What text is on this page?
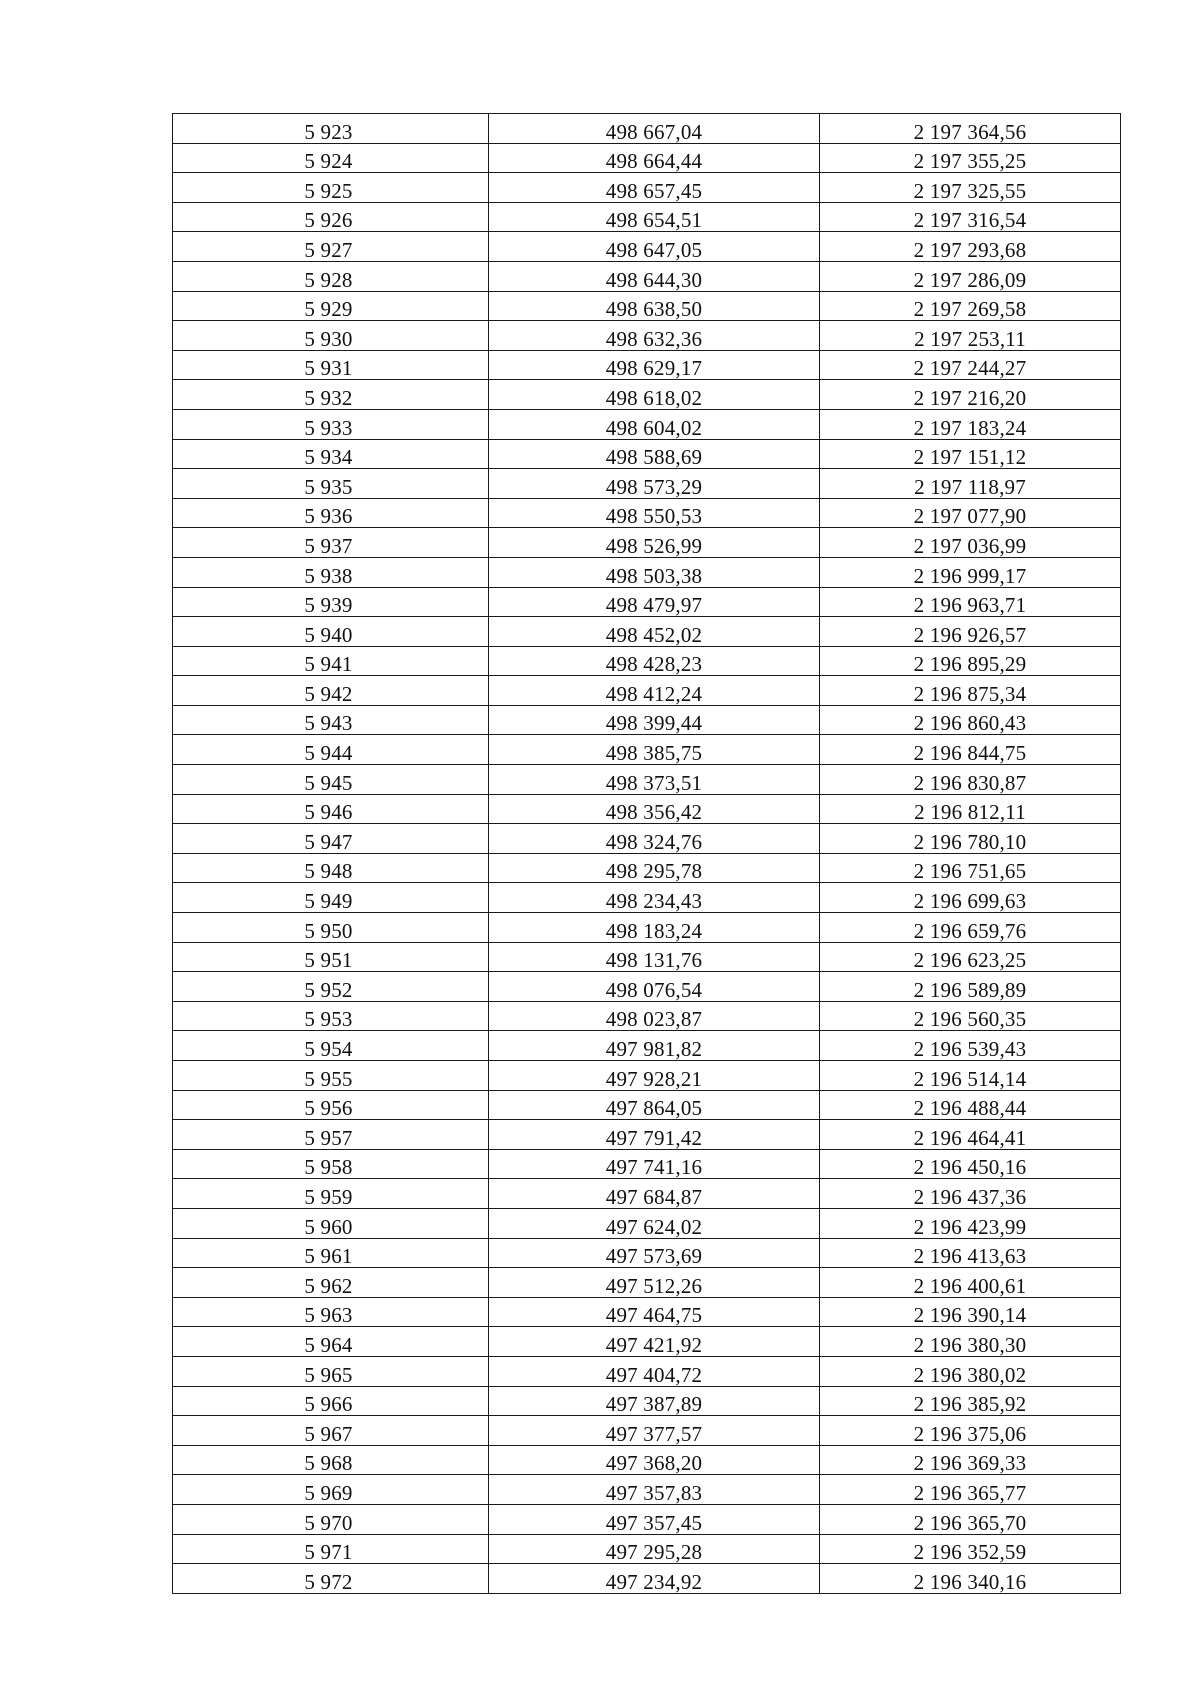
5 923	498 667,04	2 197 364,56
5 924	498 664,44	2 197 355,25
5 925	498 657,45	2 197 325,55
5 926	498 654,51	2 197 316,54
5 927	498 647,05	2 197 293,68
5 928	498 644,30	2 197 286,09
5 929	498 638,50	2 197 269,58
5 930	498 632,36	2 197 253,11
5 931	498 629,17	2 197 244,27
5 932	498 618,02	2 197 216,20
5 933	498 604,02	2 197 183,24
5 934	498 588,69	2 197 151,12
5 935	498 573,29	2 197 118,97
5 936	498 550,53	2 197 077,90
5 937	498 526,99	2 197 036,99
5 938	498 503,38	2 196 999,17
5 939	498 479,97	2 196 963,71
5 940	498 452,02	2 196 926,57
5 941	498 428,23	2 196 895,29
5 942	498 412,24	2 196 875,34
5 943	498 399,44	2 196 860,43
5 944	498 385,75	2 196 844,75
5 945	498 373,51	2 196 830,87
5 946	498 356,42	2 196 812,11
5 947	498 324,76	2 196 780,10
5 948	498 295,78	2 196 751,65
5 949	498 234,43	2 196 699,63
5 950	498 183,24	2 196 659,76
5 951	498 131,76	2 196 623,25
5 952	498 076,54	2 196 589,89
5 953	498 023,87	2 196 560,35
5 954	497 981,82	2 196 539,43
5 955	497 928,21	2 196 514,14
5 956	497 864,05	2 196 488,44
5 957	497 791,42	2 196 464,41
5 958	497 741,16	2 196 450,16
5 959	497 684,87	2 196 437,36
5 960	497 624,02	2 196 423,99
5 961	497 573,69	2 196 413,63
5 962	497 512,26	2 196 400,61
5 963	497 464,75	2 196 390,14
5 964	497 421,92	2 196 380,30
5 965	497 404,72	2 196 380,02
5 966	497 387,89	2 196 385,92
5 967	497 377,57	2 196 375,06
5 968	497 368,20	2 196 369,33
5 969	497 357,83	2 196 365,77
5 970	497 357,45	2 196 365,70
5 971	497 295,28	2 196 352,59
5 972	497 234,92	2 196 340,16
